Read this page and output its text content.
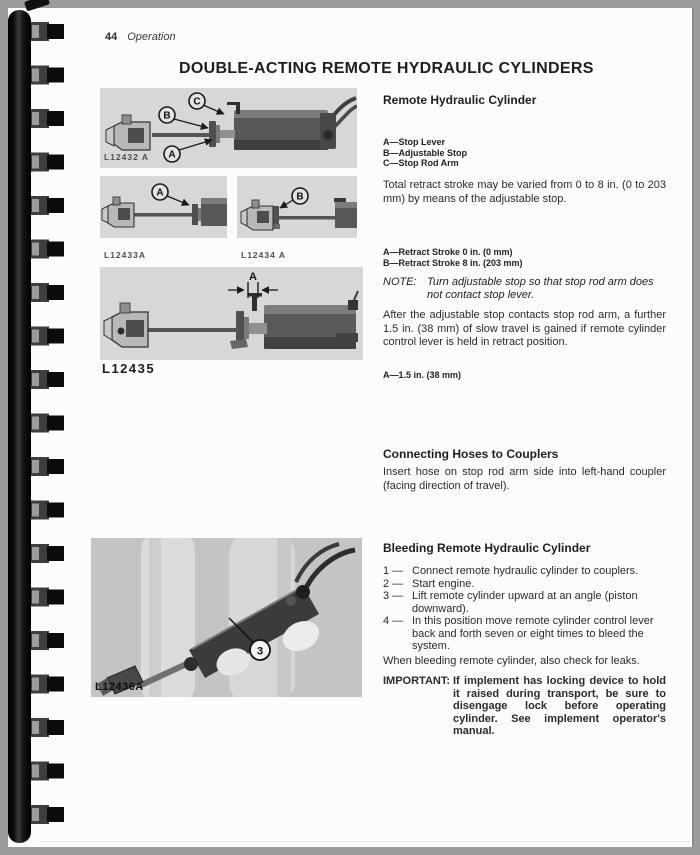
44 Operation
DOUBLE-ACTING REMOTE HYDRAULIC CYLINDERS
C
B
A
L12432 A
A
L12433A
B
L12434 A
A
L12435
3
L12436A
Remote Hydraulic Cylinder
A—Stop Lever
B—Adjustable Stop
C—Stop Rod Arm
Total retract stroke may be varied from 0 to 8 in. (0 to 203 mm) by means of the adjustable stop.
A—Retract Stroke 0 in. (0 mm)
B—Retract Stroke 8 in. (203 mm)
NOTE: Turn adjustable stop so that stop rod arm does not contact stop lever.
After the adjustable stop contacts stop rod arm, a further 1.5 in. (38 mm) of slow travel is gained if remote cylinder control lever is held in retract position.
A—1.5 in. (38 mm)
Connecting Hoses to Couplers
Insert hose on stop rod arm side into left-hand coupler (facing direction of travel).
Bleeding Remote Hydraulic Cylinder
1 — Connect remote hydraulic cylinder to couplers.
2 — Start engine.
3 — Lift remote cylinder upward at an angle (piston downward).
4 — In this position move remote cylinder control lever back and forth seven or eight times to bleed the system.
When bleeding remote cylinder, also check for leaks.
IMPORTANT: If implement has locking device to hold it raised during transport, be sure to disengage lock before operating cylinder. See implement operator's manual.
